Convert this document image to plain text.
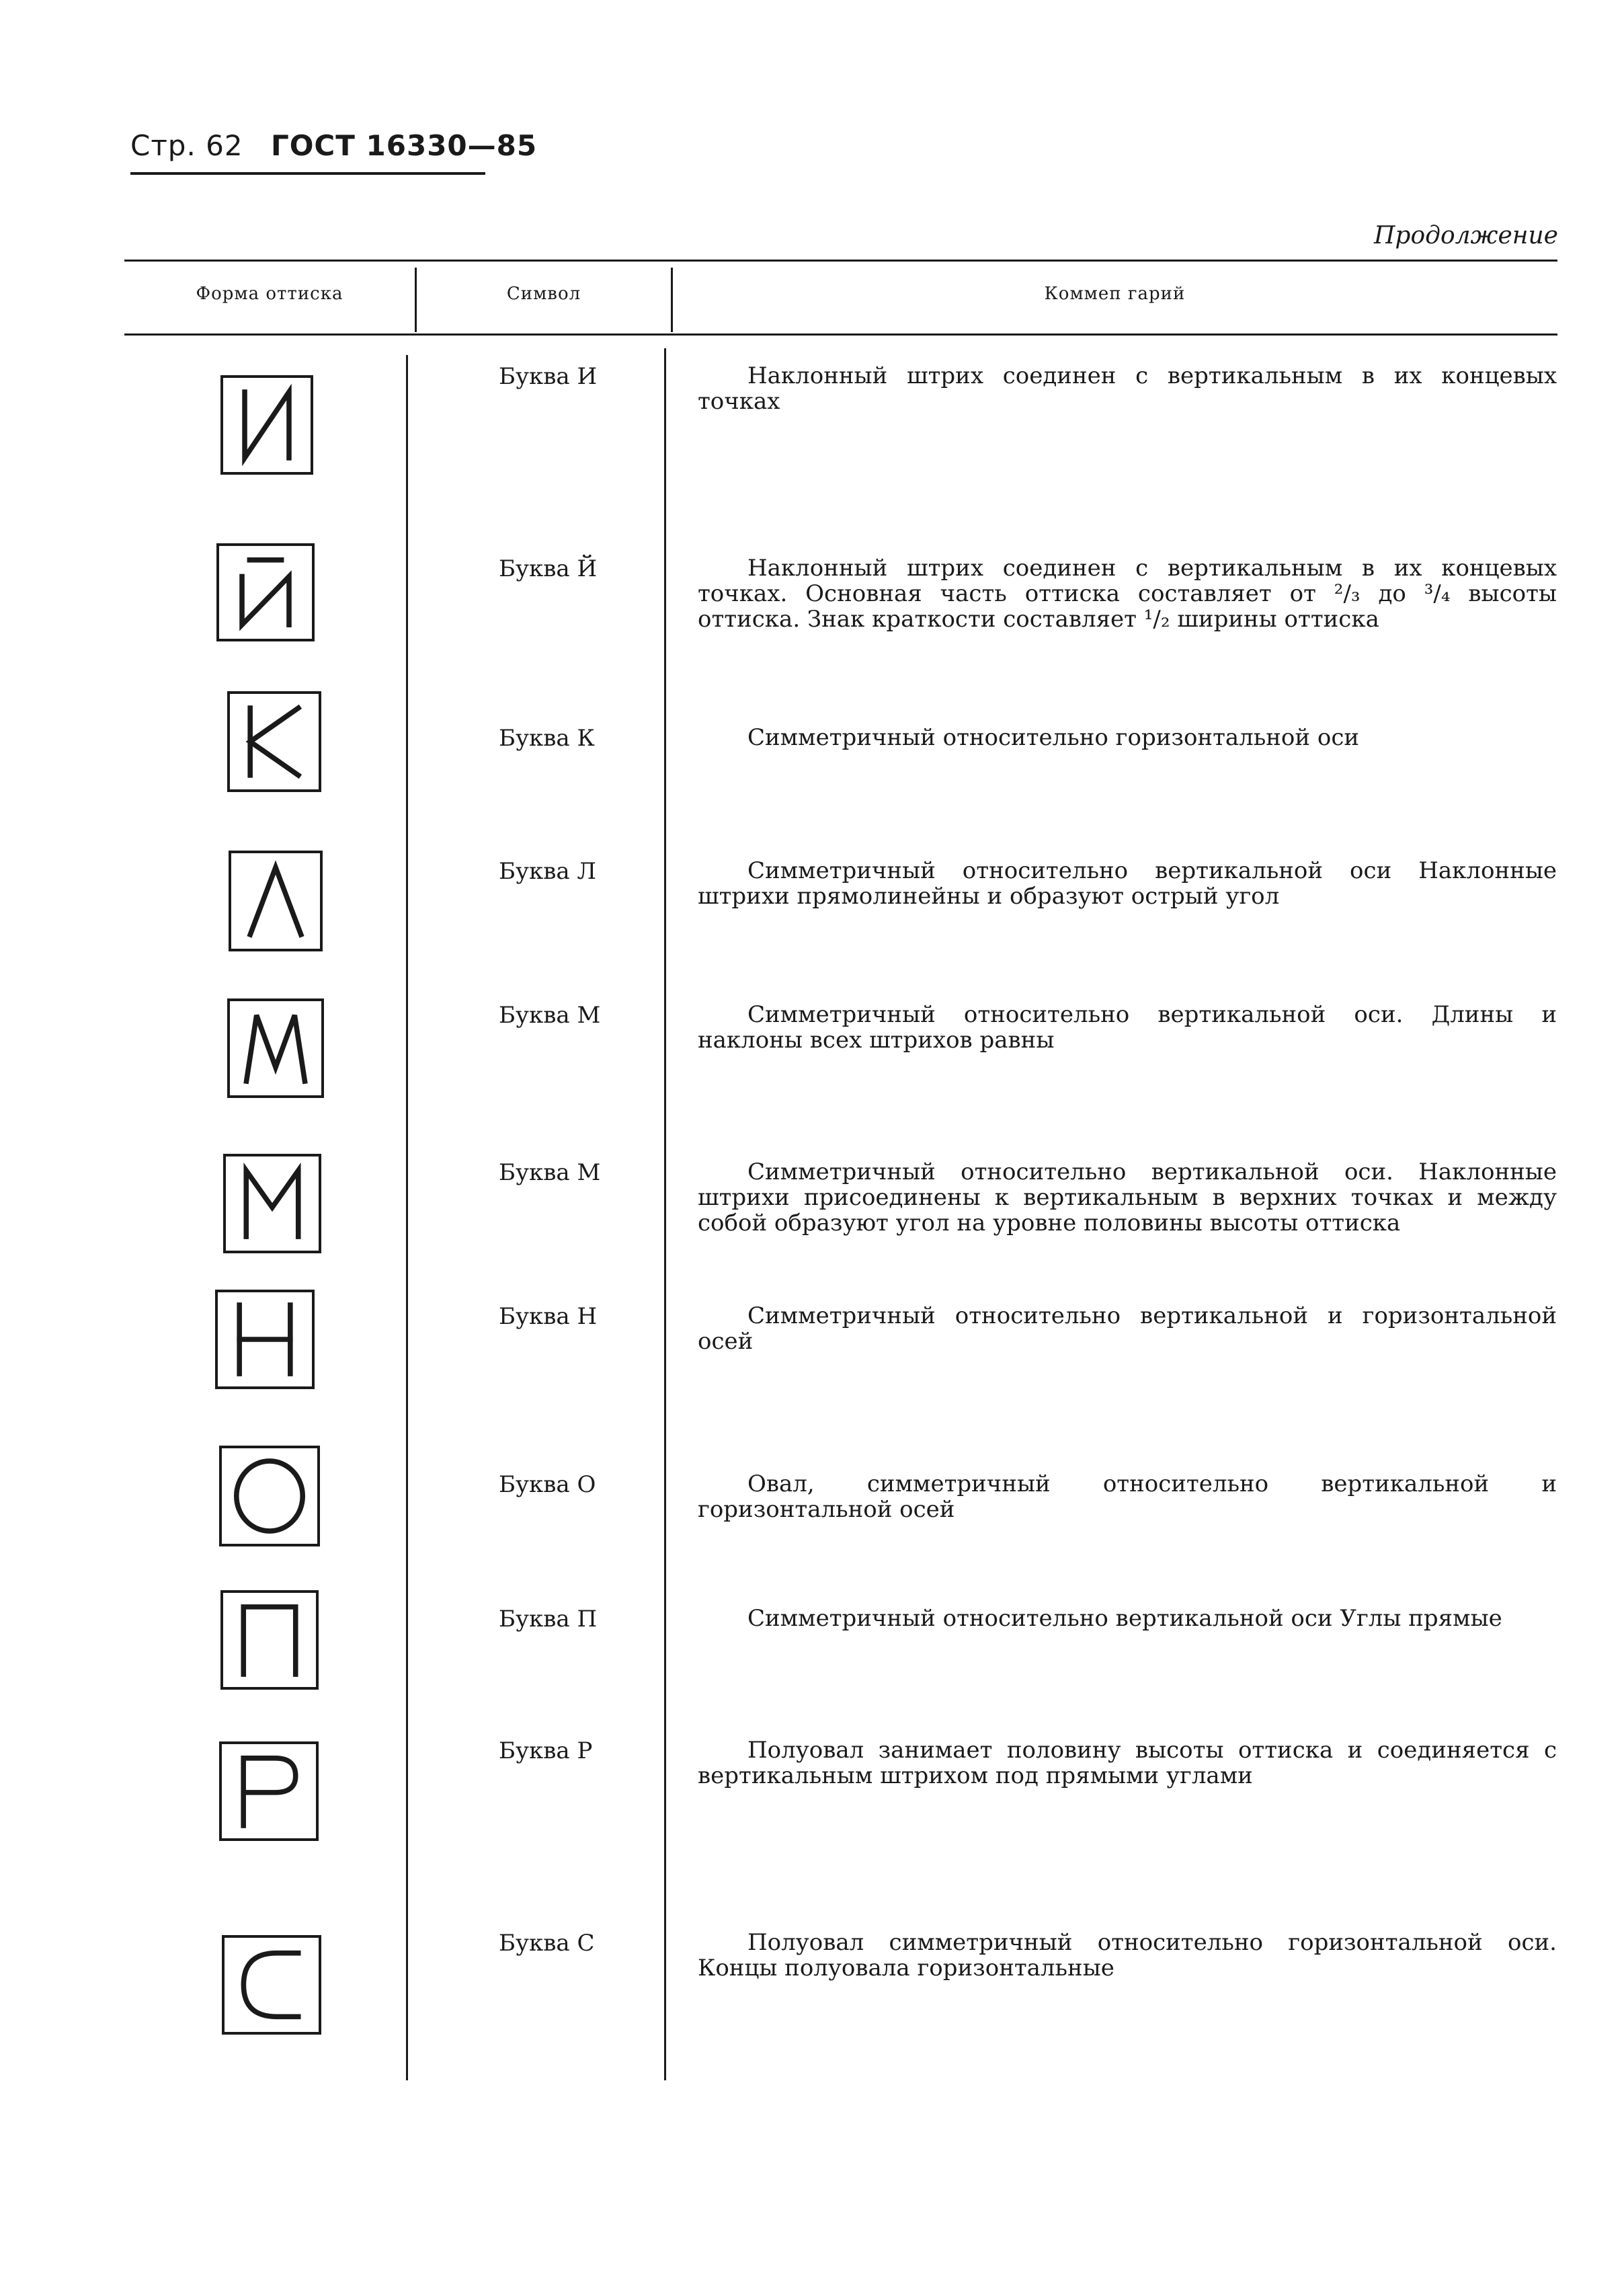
Стр. 62 ГОСТ 16330—85
Продолжение
Форма оттиска	Символ	Коммеп гарий
Буква И	Наклонный штрих соединен с вертикальным в их концевых точках
Буква Й	Наклонный штрих соединен с вертикальным в их концевых точках. Основная часть оттиска составляет от ²/₃ до ³/₄ высоты оттиска. Знак краткости составляет ¹/₂ ширины оттиска
Буква К	Симметричный относительно горизонтальной оси
Буква Л	Симметричный относительно вертикальной оси Наклонные штрихи прямолинейны и образуют острый угол
Буква М	Симметричный относительно вертикальной оси. Длины и наклоны всех штрихов равны
Буква М	Симметричный относительно вертикальной оси. Наклонные штрихи присоединены к вертикальным в верхних точках и между собой образуют угол на уровне половины высоты оттиска
Буква Н	Симметричный относительно вертикальной и горизонтальной осей
Буква О	Овал, симметричный относительно вертикальной и горизонтальной осей
Буква П	Симметричный относительно вертикальной оси Углы прямые
Буква Р	Полуовал занимает половину высоты оттиска и соединяется с вертикальным штрихом под прямыми углами
Буква С	Полуовал симметричный относительно горизонтальной оси. Концы полуовала горизонтальные
